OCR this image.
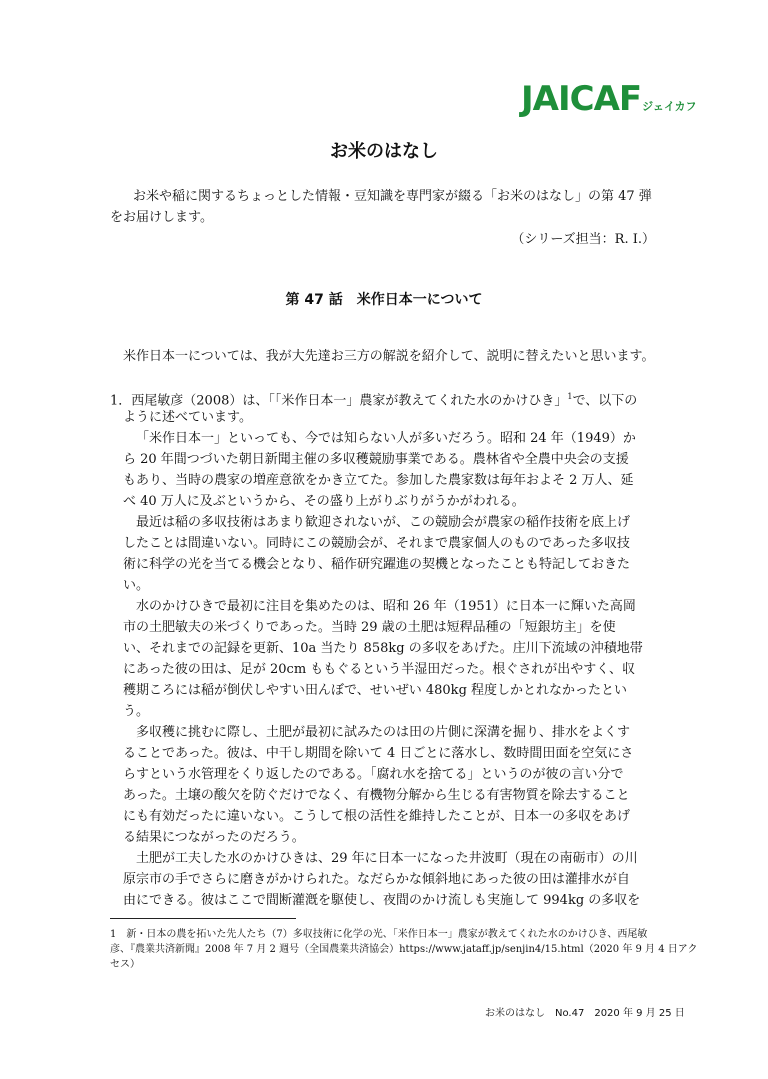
JAICAFジェイカフ
お米のはなし
お米や稲に関するちょっとした情報・豆知識を専門家が綴る「お米のはなし」の第 47 弾
をお届けします。
（シリーズ担当：R. I.）
第 47 話　米作日本一について
米作日本一については、我が大先達お三方の解説を紹介して、説明に替えたいと思います。
1．西尾敏彦（2008）は、「「米作日本一」農家が教えてくれた水のかけひき」$^1$で、以下の
ように述べています。
「米作日本一」といっても、今では知らない人が多いだろう。昭和 24 年（1949）か
ら 20 年間つづいた朝日新聞主催の多収穫競励事業である。農林省や全農中央会の支援
もあり、当時の農家の増産意欲をかき立てた。参加した農家数は毎年およそ 2 万人、延
べ 40 万人に及ぶというから、その盛り上がりぶりがうかがわれる。
最近は稲の多収技術はあまり歓迎されないが、この競励会が農家の稲作技術を底上げ
したことは間違いない。同時にこの競励会が、それまで農家個人のものであった多収技
術に科学の光を当てる機会となり、稲作研究躍進の契機となったことも特記しておきた
い。
水のかけひきで最初に注目を集めたのは、昭和 26 年（1951）に日本一に輝いた高岡
市の土肥敏夫の米づくりであった。当時 29 歳の土肥は短稈品種の「短銀坊主」を使
い、それまでの記録を更新、10a 当たり 858kg の多収をあげた。庄川下流域の沖積地帯
にあった彼の田は、足が 20cm ももぐるという半湿田だった。根ぐされが出やすく、収
穫期ころには稲が倒伏しやすい田んぼで、せいぜい 480kg 程度しかとれなかったとい
う。
多収穫に挑むに際し、土肥が最初に試みたのは田の片側に深溝を掘り、排水をよくす
ることであった。彼は、中干し期間を除いて 4 日ごとに落水し、数時間田面を空気にさ
らすという水管理をくり返したのである。「腐れ水を捨てる」というのが彼の言い分で
あった。土壌の酸欠を防ぐだけでなく、有機物分解から生じる有害物質を除去すること
にも有効だったに違いない。こうして根の活性を維持したことが、日本一の多収をあげ
る結果につながったのだろう。
土肥が工夫した水のかけひきは、29 年に日本一になった井波町（現在の南砺市）の川
原宗市の手でさらに磨きがかけられた。なだらかな傾斜地にあった彼の田は灌排水が自
由にできる。彼はここで間断灌漑を駆使し、夜間のかけ流しも実施して 994kg の多収を
1　新・日本の農を拓いた先人たち（7）多収技術に化学の光、「米作日本一」農家が教えてくれた水のかけひき、西尾敏
彦、『農業共済新聞』2008 年 7 月 2 週号（全国農業共済協会）https://www.jataff.jp/senjin4/15.html（2020 年 9 月 4 日アク
セス）
お米のはなし　No.47　2020 年 9 月 25 日
